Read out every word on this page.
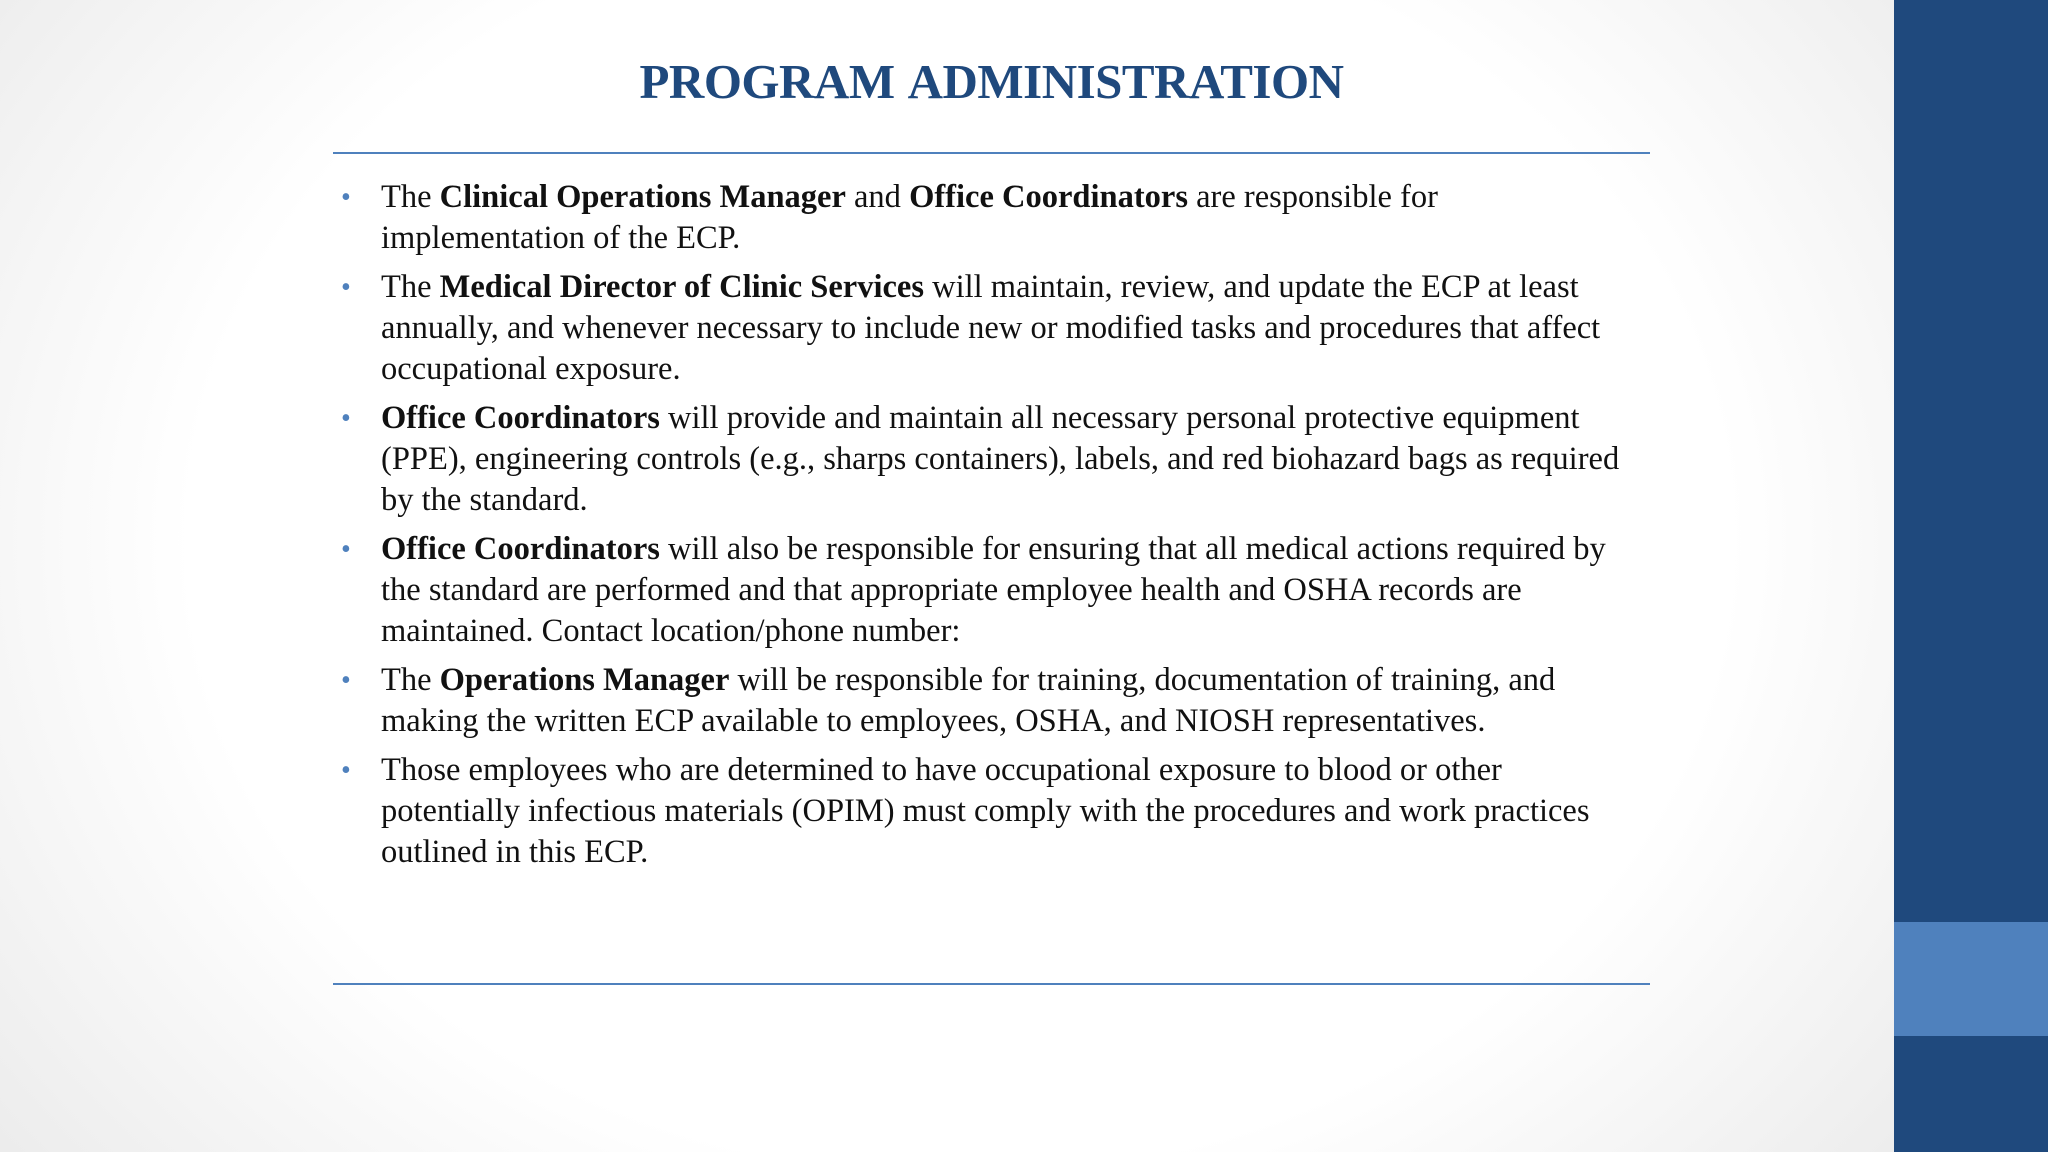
PROGRAM ADMINISTRATION
• The Clinical Operations Manager and Office Coordinators are responsible for implementation of the ECP.
• The Medical Director of Clinic Services will maintain, review, and update the ECP at least annually, and whenever necessary to include new or modified tasks and procedures that affect occupational exposure.
• Office Coordinators will provide and maintain all necessary personal protective equipment (PPE), engineering controls (e.g., sharps containers), labels, and red biohazard bags as required by the standard.
• Office Coordinators will also be responsible for ensuring that all medical actions required by the standard are performed and that appropriate employee health and OSHA records are maintained. Contact location/phone number:
• The Operations Manager will be responsible for training, documentation of training, and making the written ECP available to employees, OSHA, and NIOSH representatives.
• Those employees who are determined to have occupational exposure to blood or other potentially infectious materials (OPIM) must comply with the procedures and work practices outlined in this ECP.
